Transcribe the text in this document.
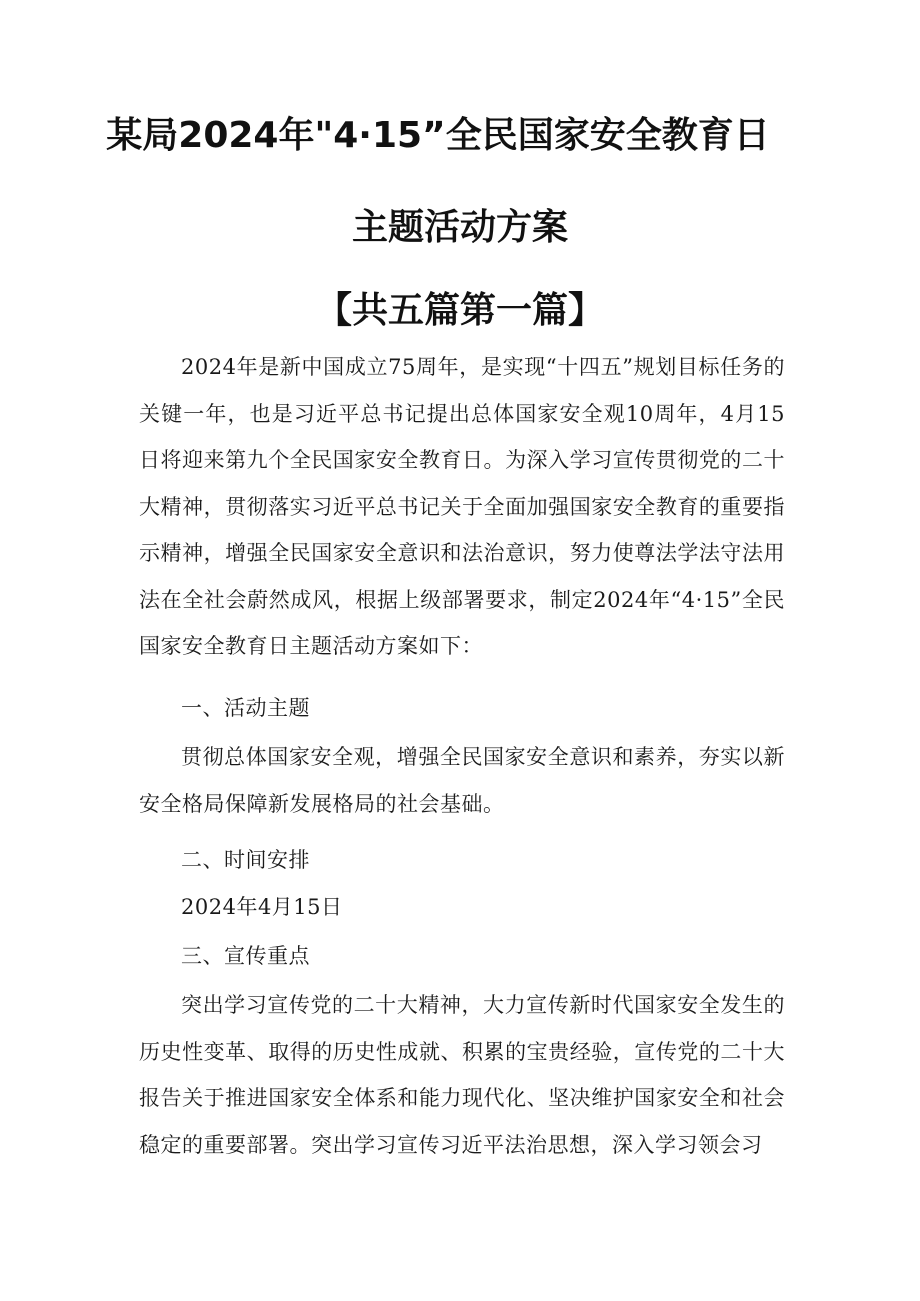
某局2024年"4·15”全民国家安全教育日
主题活动方案
【共五篇第一篇】

2024年是新中国成立75周年，是实现“十四五”规划目标任务的关键一年，也是习近平总书记提出总体国家安全观10周年，4月15日将迎来第九个全民国家安全教育日。为深入学习宣传贯彻党的二十大精神，贯彻落实习近平总书记关于全面加强国家安全教育的重要指示精神，增强全民国家安全意识和法治意识，努力使尊法学法守法用法在全社会蔚然成风，根据上级部署要求，制定2024年“4·15”全民国家安全教育日主题活动方案如下：

一、活动主题

贯彻总体国家安全观，增强全民国家安全意识和素养，夯实以新安全格局保障新发展格局的社会基础。

二、时间安排

2024年4月15日

三、宣传重点

突出学习宣传党的二十大精神，大力宣传新时代国家安全发生的历史性变革、取得的历史性成就、积累的宝贵经验，宣传党的二十大报告关于推进国家安全体系和能力现代化、坚决维护国家安全和社会稳定的重要部署。突出学习宣传习近平法治思想，深入学习领会习
